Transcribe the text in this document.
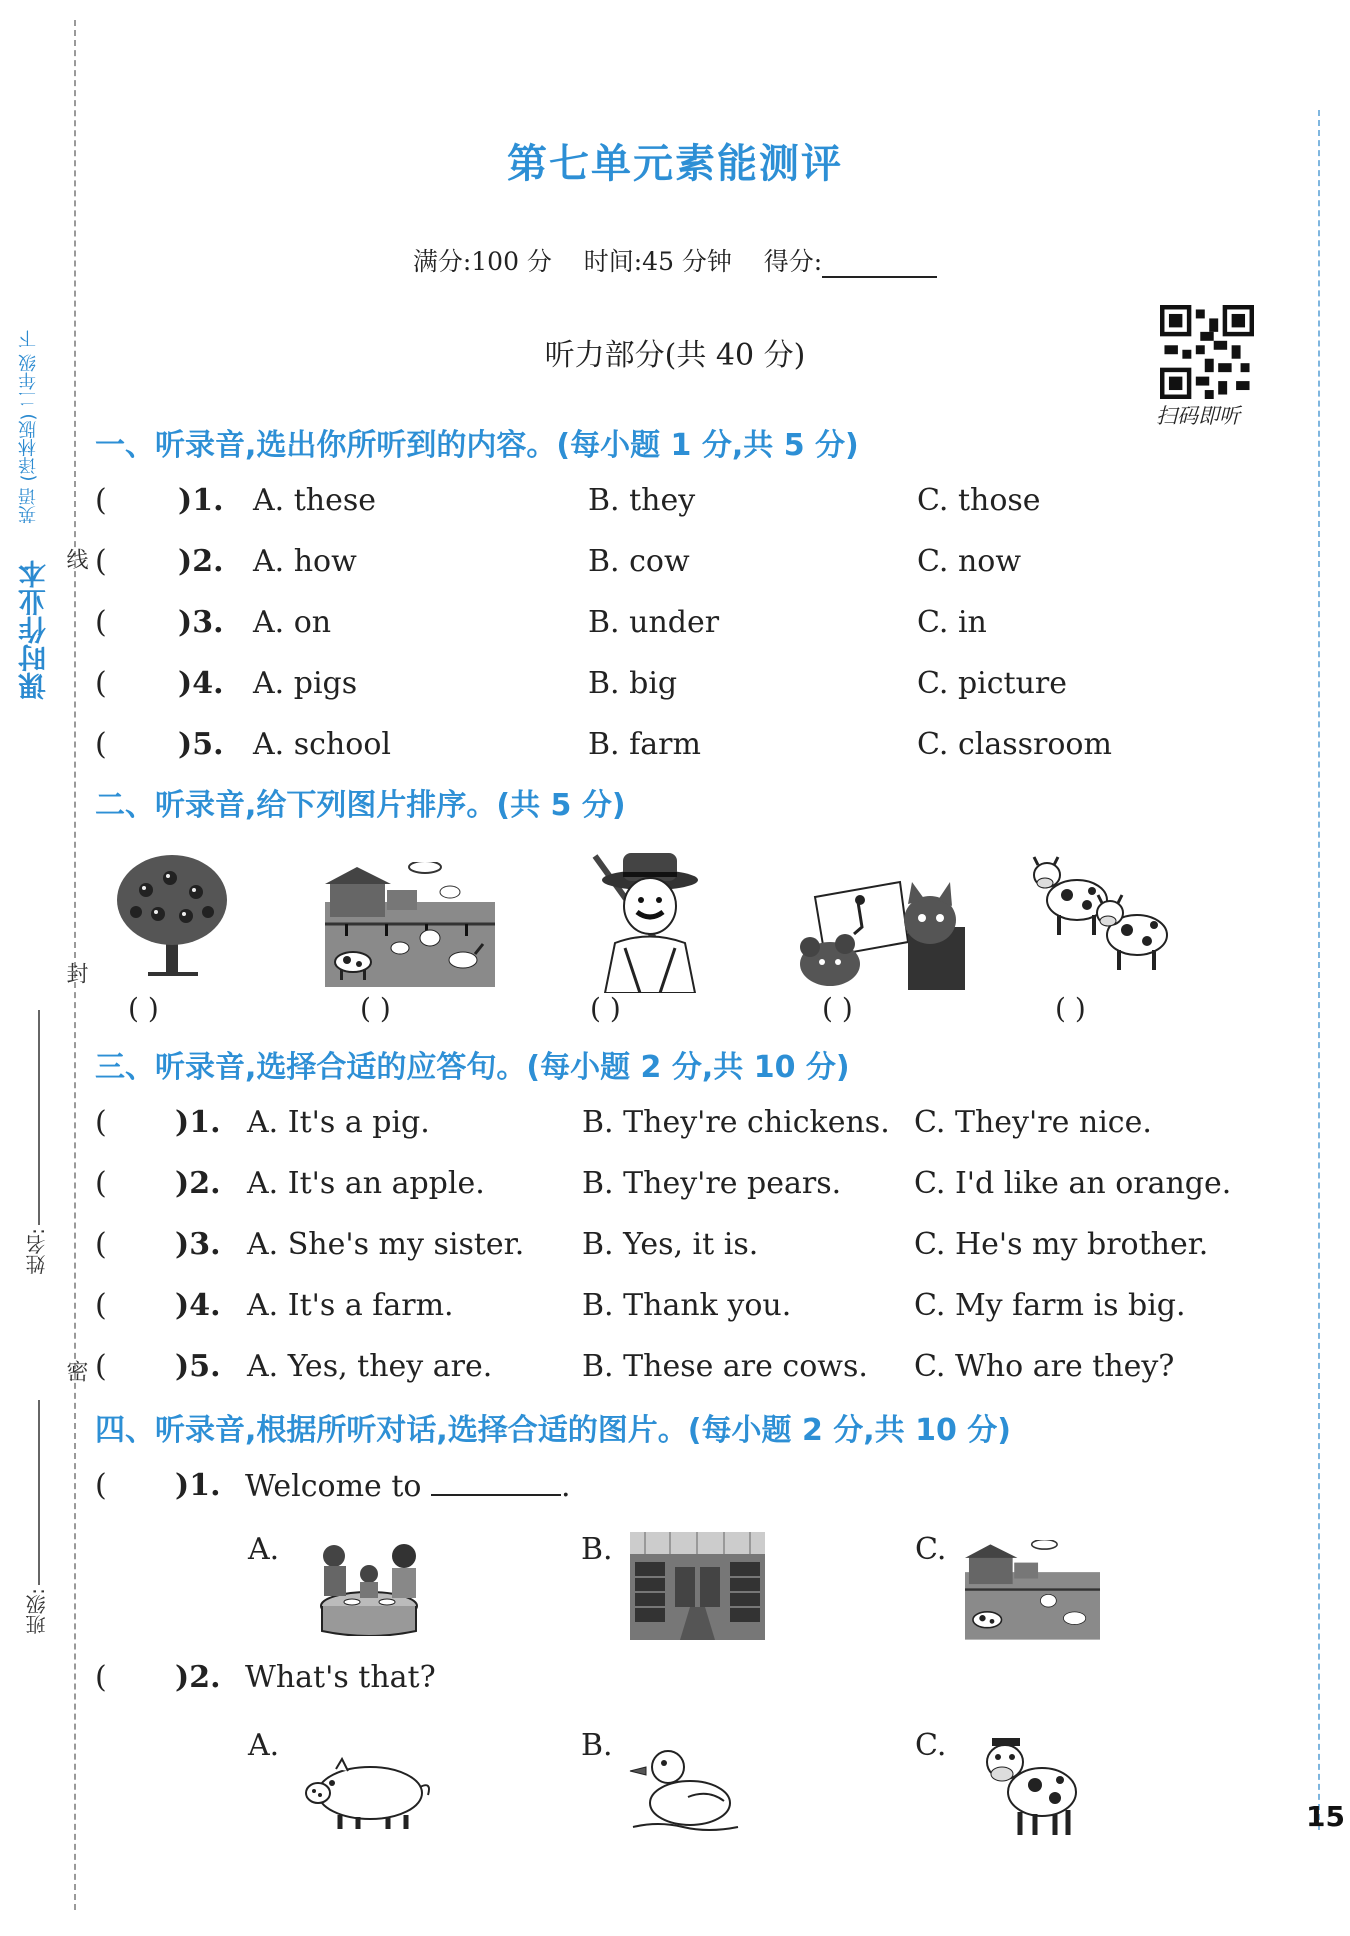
课时作业本
英语 (译林版) 二年级 下
线
封
密
姓名:
班级:
第七单元素能测评
满分:100 分 时间:45 分钟 得分:
听力部分(共 40 分)
扫码即听
一、听录音,选出你所听到的内容。(每小题 1 分,共 5 分)
( )1. A. these	B. they	C. those
( )2. A. how	B. cow	C. now
( )3. A. on	B. under	C. in
( )4. A. pigs	B. big	C. picture
( )5. A. school	B. farm	C. classroom
二、听录音,给下列图片排序。(共 5 分)
( )	( )	( )	( )	( )
三、听录音,选择合适的应答句。(每小题 2 分,共 10 分)
( )1. A. It's a pig.	B. They're chickens. C. They're nice.
( )2. A. It's an apple.	B. They're pears. C. I'd like an orange.
( )3. A. She's my sister. B. Yes, it is.	C. He's my brother.
( )4. A. It's a farm.	B. Thank you.	C. My farm is big.
( )5. A. Yes, they are.	B. These are cows. C. Who are they?
四、听录音,根据所听对话,选择合适的图片。(每小题 2 分,共 10 分)
( )1. Welcome to	.
A.	B.	C.
( )2. What's that?
A.	B.	C.
15
